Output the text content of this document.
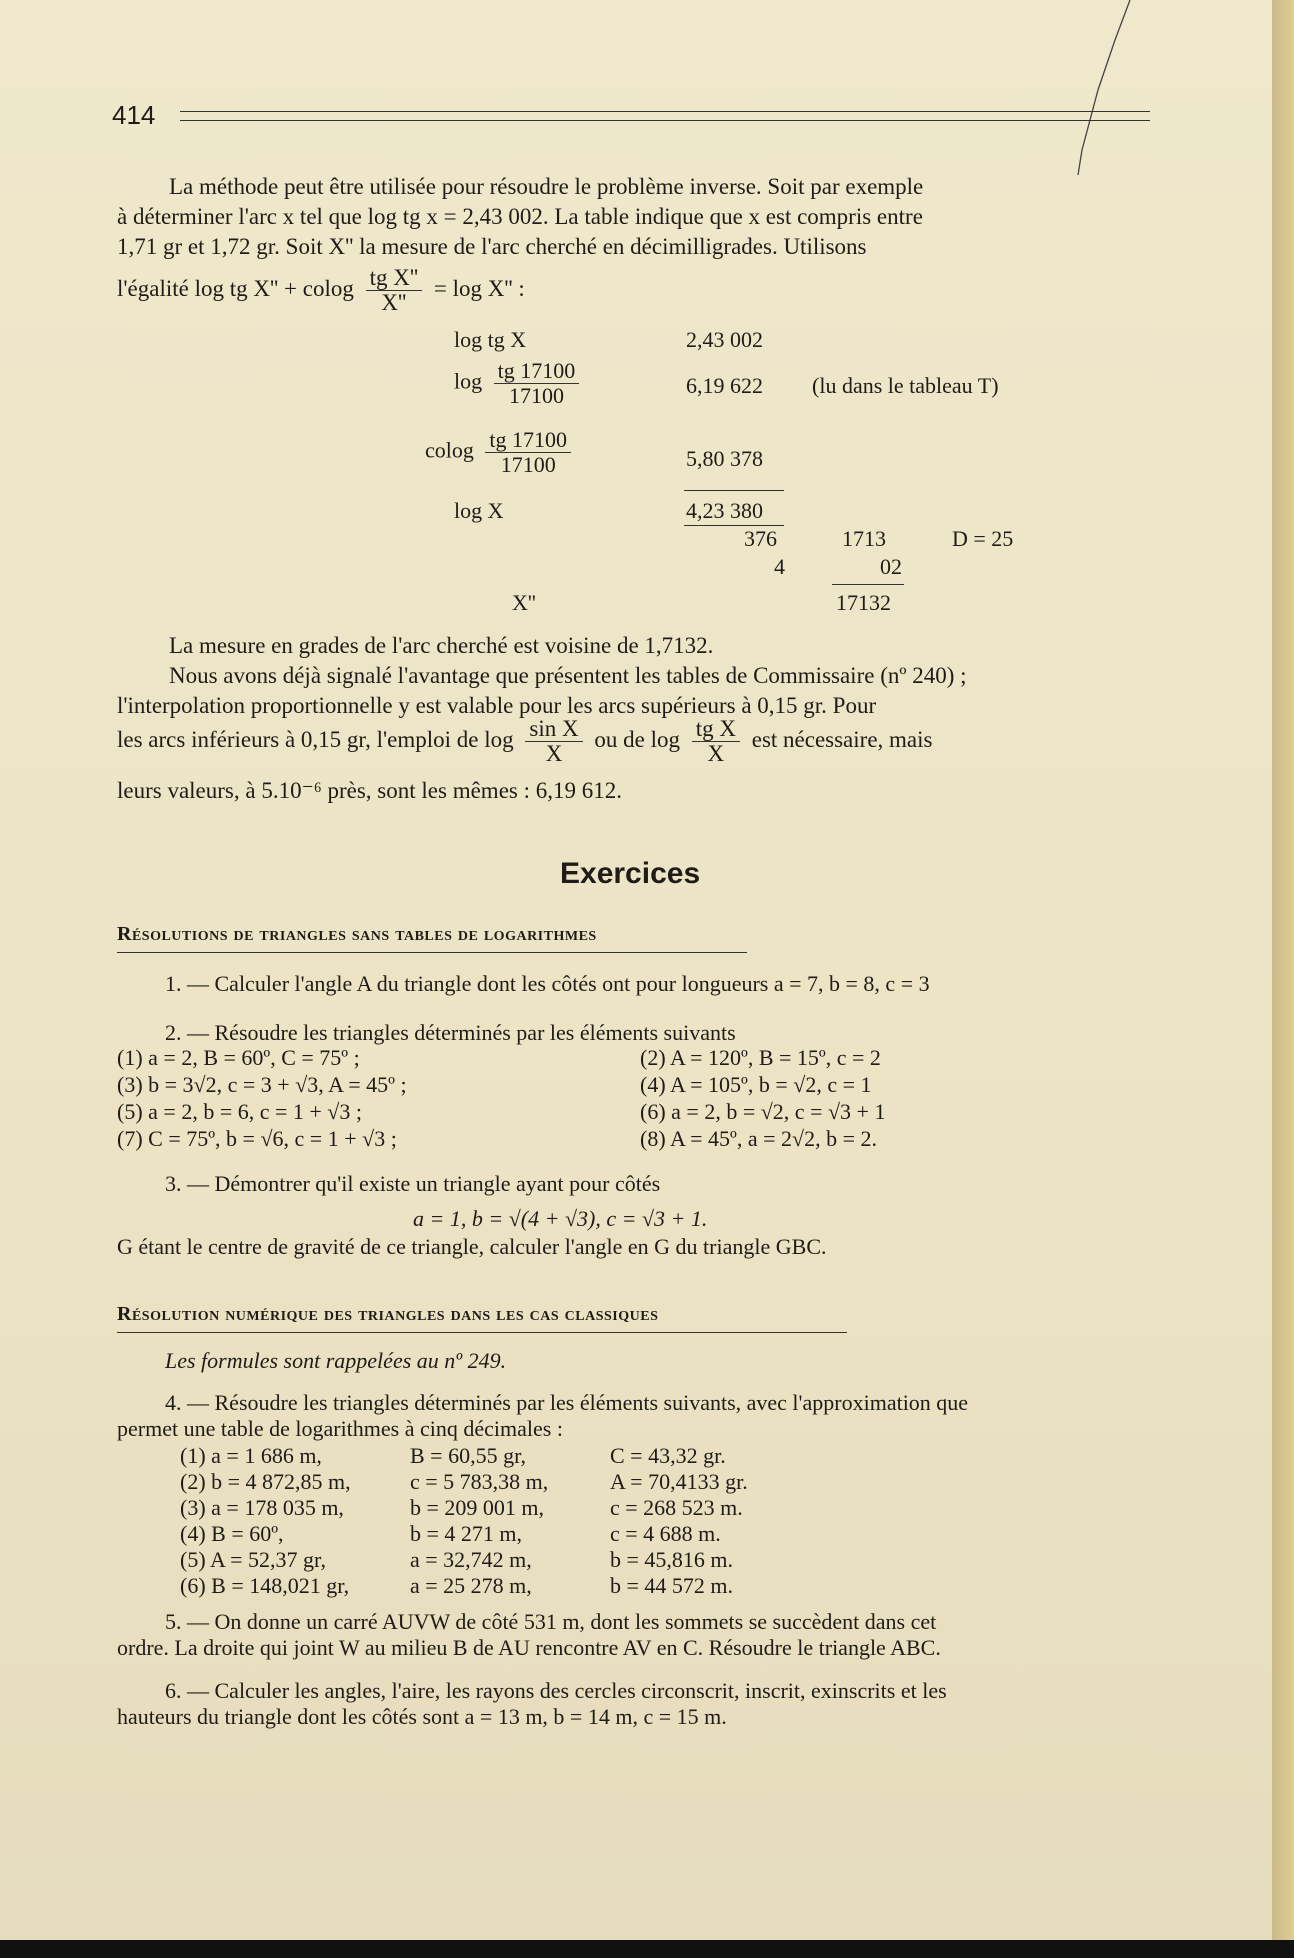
414

La méthode peut être utilisée pour résoudre le problème inverse. Soit par exemple

à déterminer l'arc x tel que log tg x = 2,43 002. La table indique que x est compris entre

1,71 gr et 1,72 gr. Soit X'' la mesure de l'arc cherché en décimilligrades. Utilisons

l'égalité log tg X'' + colog $\frac{\text{tg X''}}{X''} = \log X''$ :
log tg X	2,43 002
$\log \frac{tg 17100}{17100}$	6,19 622 (lu dans le tableau T)
colog $\frac{tg 17100}{17100}$	5,80 378
log X	4,23 380
376	1713	D = 25
4	02
X''	17132

La mesure en grades de l'arc cherché est voisine de 1,7132.

Nous avons déjà signalé l'avantage que présentent les tables de Commissaire (nº 240) ;

l'interpolation proportionnelle y est valable pour les arcs supérieurs à 0,15 gr. Pour

les arcs inférieurs à 0,15 gr, l'emploi de $\log \frac{\text{sin X}}{X}$ ou de $\log \frac{\text{tg X}}{X}$ est nécessaire, mais
leurs valeurs, à 5.10⁻⁶ près, sont les mêmes : 6,19 612.
Exercices
Résolutions de triangles sans tables de logarithmes
1. — Calculer l'angle A du triangle dont les côtés ont pour longueurs a = 7, b = 8, c = 3
2. — Résoudre les triangles déterminés par les éléments suivants
(1) a = 2, B = 60º, C = 75º ;	(2) A = 120º, B = 15º, c = 2
(3) b = 3√2, c = 3 + √3, A = 45º ;	(4) A = 105º, b = √2, c = 1
(5) a = 2, b = 6, c = 1 + √3 ;	(6) a = 2, b = √2, c = √3 + 1
(7) C = 75º, b = √6, c = 1 + √3 ;	(8) A = 45º, a = 2√2, b = 2.
3. — Démontrer qu'il existe un triangle ayant pour côtés
a = 1, b = √(4 + √3), c = √3 + 1.
G étant le centre de gravité de ce triangle, calculer l'angle en G du triangle GBC.
Résolution numérique des triangles dans les cas classiques
Les formules sont rappelées au nº 249.
4. — Résoudre les triangles déterminés par les éléments suivants, avec l'approximation que
permet une table de logarithmes à cinq décimales :
(1) a = 1 686 m,	B = 60,55 gr,	C = 43,32 gr.
(2) b = 4 872,85 m,	c = 5 783,38 m,	A = 70,4133 gr.
(3) a = 178 035 m,	b = 209 001 m,	c = 268 523 m.
(4) B = 60º,	b = 4 271 m,	c = 4 688 m.
(5) A = 52,37 gr,	a = 32,742 m,	b = 45,816 m.
(6) B = 148,021 gr,	a = 25 278 m,	b = 44 572 m.
5. — On donne un carré AUVW de côté 531 m, dont les sommets se succèdent dans cet
ordre. La droite qui joint W au milieu B de AU rencontre AV en C. Résoudre le triangle ABC.
6. — Calculer les angles, l'aire, les rayons des cercles circonscrit, inscrit, exinscrits et les
hauteurs du triangle dont les côtés sont a = 13 m, b = 14 m, c = 15 m.
